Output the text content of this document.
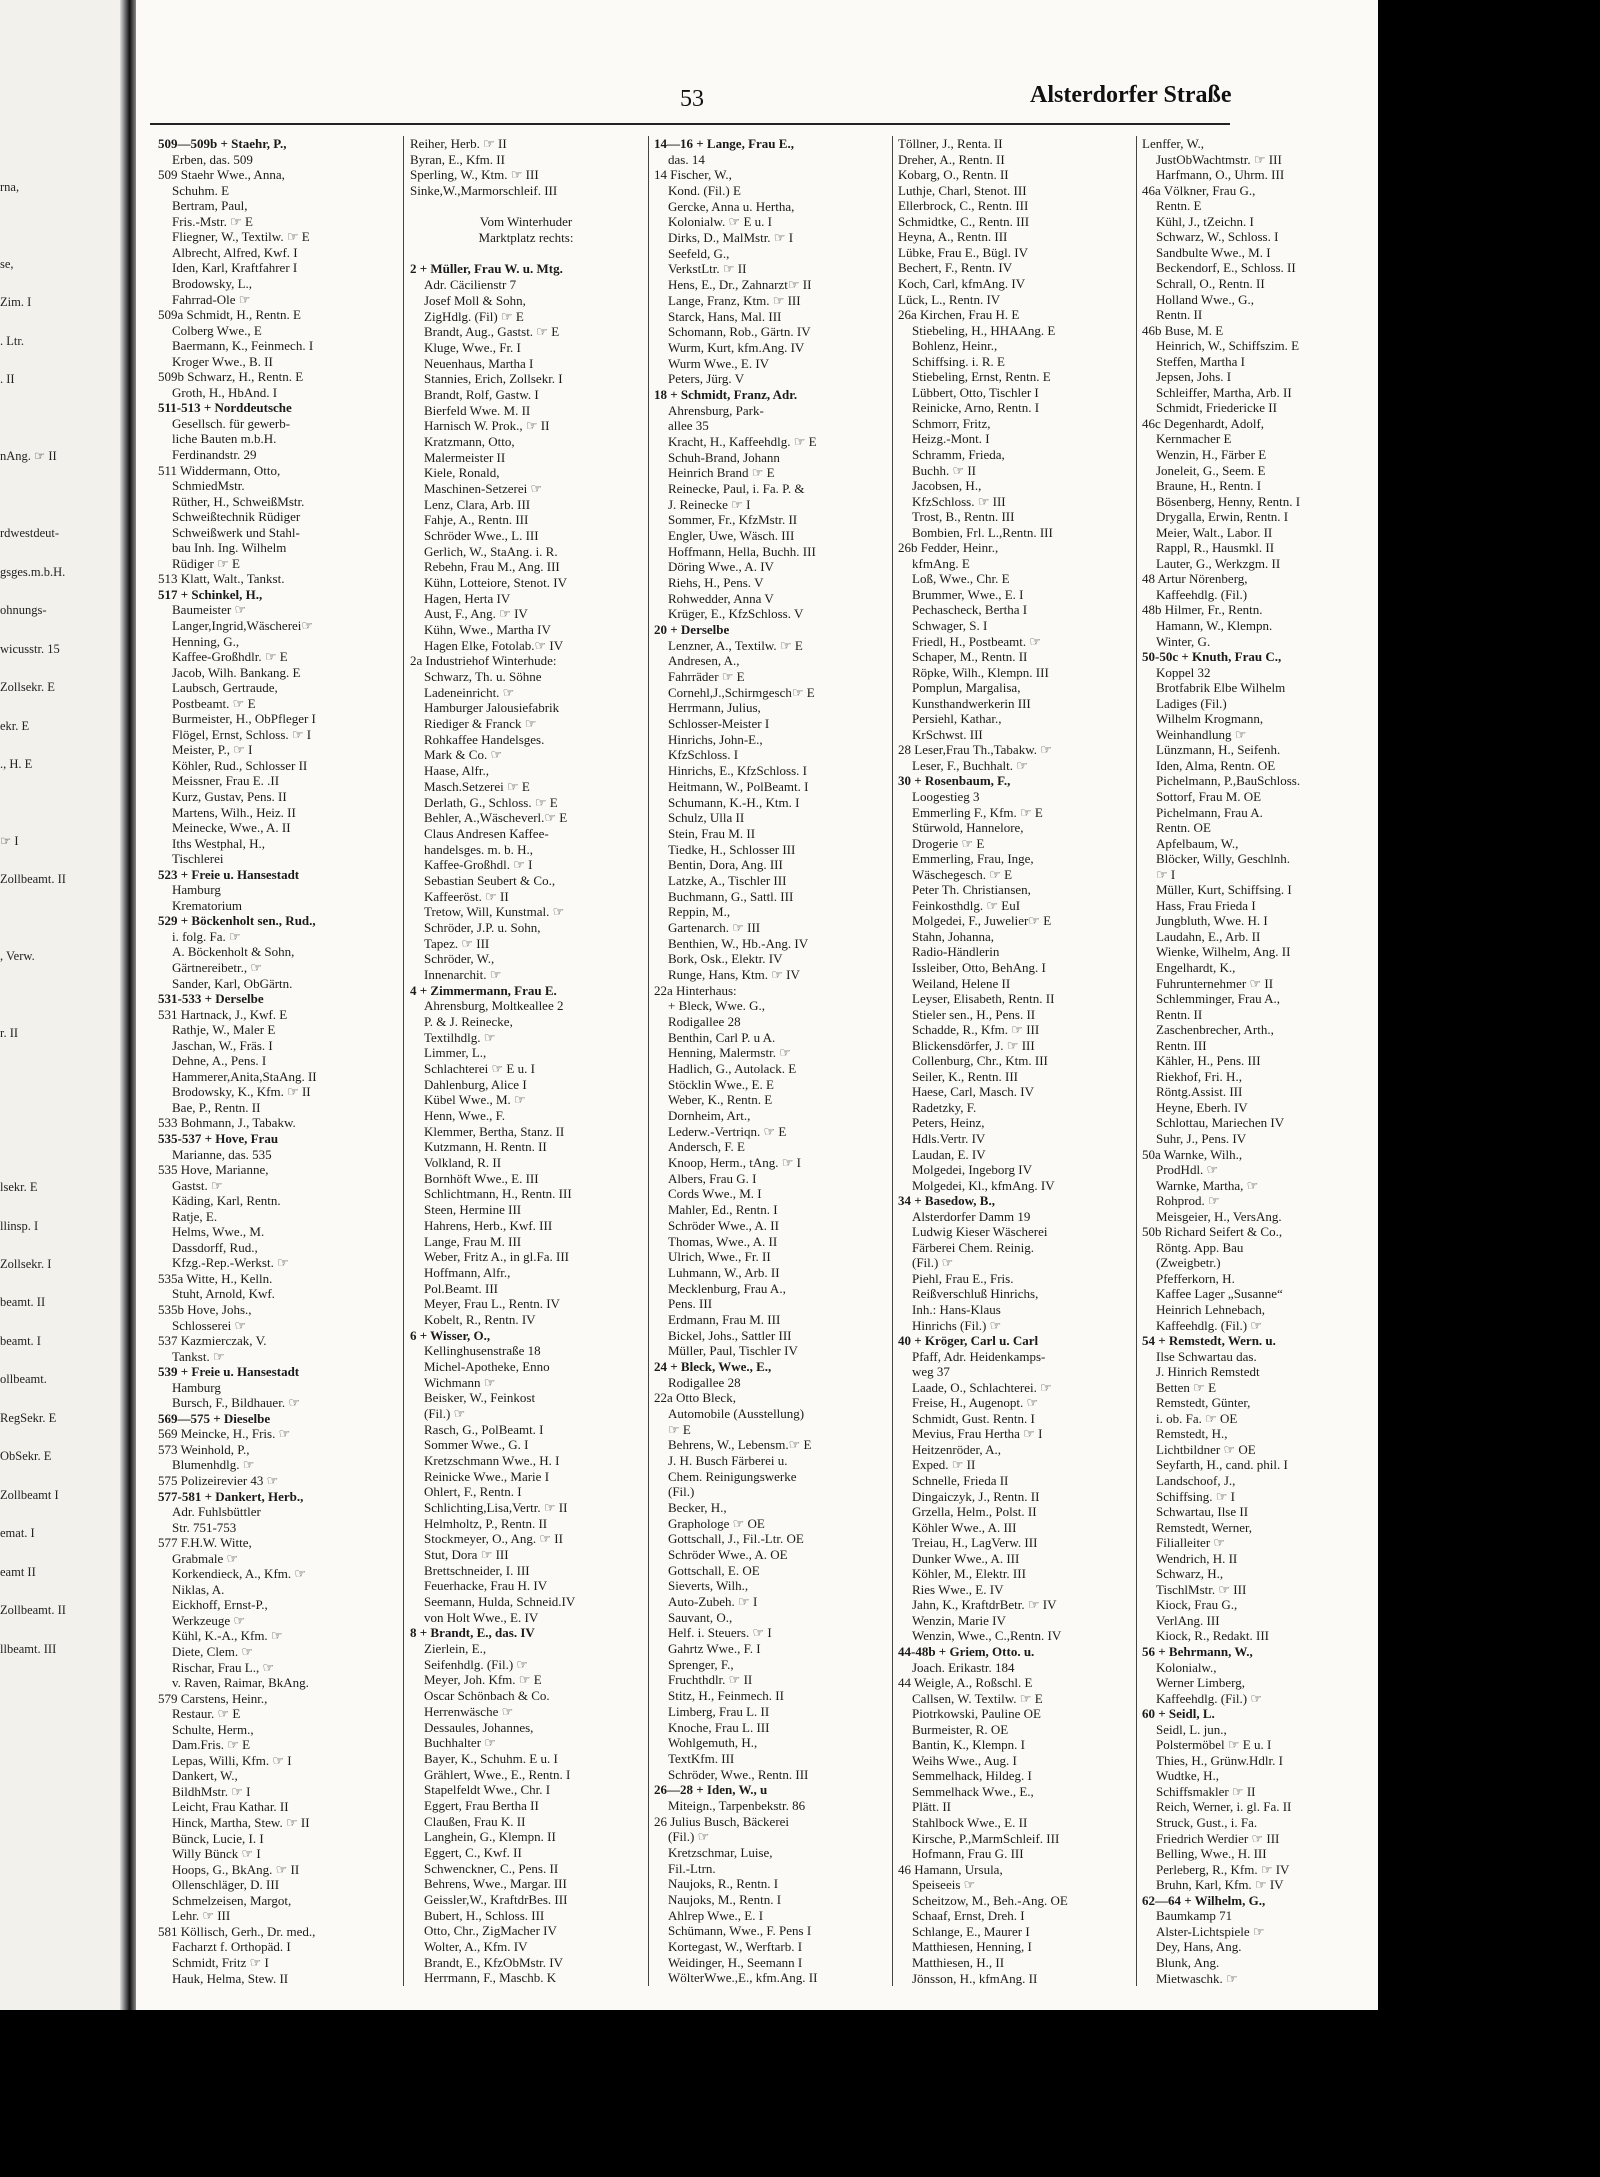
rna,
se,
Zim. I
. Ltr.
. II
nAng. ☞ II
rdwestdeut-
gsges.m.b.H.
ohnungs-
wicusstr. 15
Zollsekr. E
ekr. E
., H. E
☞ I
Zollbeamt. II
, Verw.
r. II
lsekr. E
llinsp. I
Zollsekr. I
beamt. II
beamt. I
ollbeamt.
RegSekr. E
ObSekr. E
Zollbeamt I
emat. I
eamt II
Zollbeamt. II
llbeamt. III
53	Alsterdorfer Straße
509—509b + Staehr, P.,
Erben, das. 509
509 Staehr Wwe., Anna,
Schuhm. E
Bertram, Paul,
Fris.-Mstr. ☞ E
Fliegner, W., Textilw. ☞ E
Albrecht, Alfred, Kwf. I
Iden, Karl, Kraftfahrer I
Brodowsky, L.,
Fahrrad-Ole ☞
509a Schmidt, H., Rentn. E
Colberg Wwe., E
Baermann, K., Feinmech. I
Kroger Wwe., B. II
509b Schwarz, H., Rentn. E
Groth, H., HbAnd. I
511-513 + Norddeutsche
Gesellsch. für gewerb-
liche Bauten m.b.H.
Ferdinandstr. 29
511 Widdermann, Otto,
SchmiedMstr.
Rüther, H., SchweißMstr.
Schweißtechnik Rüdiger
Schweißwerk und Stahl-
bau Inh. Ing. Wilhelm
Rüdiger ☞ E
513 Klatt, Walt., Tankst.
517 + Schinkel, H.,
Baumeister ☞
Langer,Ingrid,Wäscherei☞
Henning, G.,
Kaffee-Großhdlr. ☞ E
Jacob, Wilh. Bankang. E
Laubsch, Gertraude,
Postbeamt. ☞ E
Burmeister, H., ObPfleger I
Flögel, Ernst, Schloss. ☞ I
Meister, P., ☞ I
Köhler, Rud., Schlosser II
Meissner, Frau E. .II
Kurz, Gustav, Pens. II
Martens, Wilh., Heiz. II
Meinecke, Wwe., A. II
Iths Westphal, H.,
Tischlerei
523 + Freie u. Hansestadt
Hamburg
Krematorium
529 + Böckenholt sen., Rud.,
i. folg. Fa. ☞
A. Böckenholt & Sohn,
Gärtnereibetr., ☞
Sander, Karl, ObGärtn.
531-533 + Derselbe
531 Hartnack, J., Kwf. E
Rathje, W., Maler E
Jaschan, W., Fräs. I
Dehne, A., Pens. I
Hammerer,Anita,StaAng. II
Brodowsky, K., Kfm. ☞ II
Bae, P., Rentn. II
533 Bohmann, J., Tabakw.
535-537 + Hove, Frau
Marianne, das. 535
535 Hove, Marianne,
Gastst. ☞
Käding, Karl, Rentn.
Ratje, E.
Helms, Wwe., M.
Dassdorff, Rud.,
Kfzg.-Rep.-Werkst. ☞
535a Witte, H., Kelln.
Stuht, Arnold, Kwf.
535b Hove, Johs.,
Schlosserei ☞
537 Kazmierczak, V.
Tankst. ☞
539 + Freie u. Hansestadt
Hamburg
Bursch, F., Bildhauer. ☞
569—575 + Dieselbe
569 Meincke, H., Fris. ☞
573 Weinhold, P.,
Blumenhdlg. ☞
575 Polizeirevier 43 ☞
577-581 + Dankert, Herb.,
Adr. Fuhlsbüttler
Str. 751-753
577 F.H.W. Witte,
Grabmale ☞
Korkendieck, A., Kfm. ☞
Niklas, A.
Eickhoff, Ernst-P.,
Werkzeuge ☞
Kühl, K.-A., Kfm. ☞
Diete, Clem. ☞
Rischar, Frau L., ☞
v. Raven, Raimar, BkAng.
579 Carstens, Heinr.,
Restaur. ☞ E
Schulte, Herm.,
Dam.Fris. ☞ E
Lepas, Willi, Kfm. ☞ I
Dankert, W.,
BildhMstr. ☞ I
Leicht, Frau Kathar. II
Hinck, Martha, Stew. ☞ II
Bünck, Lucie, I. I
Willy Bünck ☞ I
Hoops, G., BkAng. ☞ II
Ollenschläger, D. III
Schmelzeisen, Margot,
Lehr. ☞ III
581 Köllisch, Gerh., Dr. med.,
Facharzt f. Orthopäd. I
Schmidt, Fritz ☞ I
Hauk, Helma, Stew. II
Reiher, Herb. ☞ II
Byran, E., Kfm. II
Sperling, W., Ktm. ☞ III
Sinke,W.,Marmorschleif. III
Vom Winterhuder
Marktplatz rechts:
2 + Müller, Frau W. u. Mtg.
Adr. Cäcilienstr 7
Josef Moll & Sohn,
ZigHdlg. (Fil) ☞ E
Brandt, Aug., Gastst. ☞ E
Kluge, Wwe., Fr. I
Neuenhaus, Martha I
Stannies, Erich, Zollsekr. I
Brandt, Rolf, Gastw. I
Bierfeld Wwe. M. II
Harnisch W. Prok., ☞ II
Kratzmann, Otto,
Malermeister II
Kiele, Ronald,
Maschinen-Setzerei ☞
Lenz, Clara, Arb. III
Fahje, A., Rentn. III
Schröder Wwe., L. III
Gerlich, W., StaAng. i. R.
Rebehn, Frau M., Ang. III
Kühn, Lotteiore, Stenot. IV
Hagen, Herta IV
Aust, F., Ang. ☞ IV
Kühn, Wwe., Martha IV
Hagen Elke, Fotolab.☞ IV
2a Industriehof Winterhude:
Schwarz, Th. u. Söhne
Ladeneinricht. ☞
Hamburger Jalousiefabrik
Riediger & Franck ☞
Rohkaffee Handelsges.
Mark & Co. ☞
Haase, Alfr.,
Masch.Setzerei ☞ E
Derlath, G., Schloss. ☞ E
Behler, A.,Wäscheverl.☞ E
Claus Andresen Kaffee-
handelsges. m. b. H.,
Kaffee-Großhdl. ☞ I
Sebastian Seubert & Co.,
Kaffeeröst. ☞ II
Tretow, Will, Kunstmal. ☞
Schröder, J.P. u. Sohn,
Tapez. ☞ III
Schröder, W.,
Innenarchit. ☞
4 + Zimmermann, Frau E.
Ahrensburg, Moltkeallee 2
P. & J. Reinecke,
Textilhdlg. ☞
Limmer, L.,
Schlachterei ☞ E u. I
Dahlenburg, Alice I
Kübel Wwe., M. ☞
Henn, Wwe., F.
Klemmer, Bertha, Stanz. II
Kutzmann, H. Rentn. II
Volkland, R. II
Bornhöft Wwe., E. III
Schlichtmann, H., Rentn. III
Steen, Hermine III
Hahrens, Herb., Kwf. III
Lange, Frau M. III
Weber, Fritz A., in gl.Fa. III
Hoffmann, Alfr.,
Pol.Beamt. III
Meyer, Frau L., Rentn. IV
Kobelt, R., Rentn. IV
6 + Wisser, O.,
Kellinghusenstraße 18
Michel-Apotheke, Enno
Wichmann ☞
Beisker, W., Feinkost
(Fil.) ☞
Rasch, G., PolBeamt. I
Sommer Wwe., G. I
Kretzschmann Wwe., H. I
Reinicke Wwe., Marie I
Ohlert, F., Rentn. I
Schlichting,Lisa,Vertr. ☞ II
Helmholtz, P., Rentn. II
Stockmeyer, O., Ang. ☞ II
Stut, Dora ☞ III
Brettschneider, I. III
Feuerhacke, Frau H. IV
Seemann, Hulda, Schneid.IV
von Holt Wwe., E. IV
8 + Brandt, E., das. IV
Zierlein, E.,
Seifenhdlg. (Fil.) ☞
Meyer, Joh. Kfm. ☞ E
Oscar Schönbach & Co.
Herrenwäsche ☞
Dessaules, Johannes,
Buchhalter ☞
Bayer, K., Schuhm. E u. I
Grählert, Wwe., E., Rentn. I
Stapelfeldt Wwe., Chr. I
Eggert, Frau Bertha II
Claußen, Frau K. II
Langhein, G., Klempn. II
Eggert, C., Kwf. II
Schwenckner, C., Pens. II
Behrens, Wwe., Margar. III
Geissler,W., KraftdrBes. III
Bubert, H., Schloss. III
Otto, Chr., ZigMacher IV
Wolter, A., Kfm. IV
Brandt, E., KfzObMstr. IV
Herrmann, F., Maschb. K
14—16 + Lange, Frau E.,
das. 14
14 Fischer, W.,
Kond. (Fil.) E
Gercke, Anna u. Hertha,
Kolonialw. ☞ E u. I
Dirks, D., MalMstr. ☞ I
Seefeld, G.,
VerkstLtr. ☞ II
Hens, E., Dr., Zahnarzt☞ II
Lange, Franz, Ktm. ☞ III
Starck, Hans, Mal. III
Schomann, Rob., Gärtn. IV
Wurm, Kurt, kfm.Ang. IV
Wurm Wwe., E. IV
Peters, Jürg. V
18 + Schmidt, Franz, Adr.
Ahrensburg, Park-
allee 35
Kracht, H., Kaffeehdlg. ☞ E
Schuh-Brand, Johann
Heinrich Brand ☞ E
Reinecke, Paul, i. Fa. P. &
J. Reinecke ☞ I
Sommer, Fr., KfzMstr. II
Engler, Uwe, Wäsch. III
Hoffmann, Hella, Buchh. III
Döring Wwe., A. IV
Riehs, H., Pens. V
Rohwedder, Anna V
Krüger, E., KfzSchloss. V
20 + Derselbe
Lenzner, A., Textilw. ☞ E
Andresen, A.,
Fahrräder ☞ E
Cornehl,J.,Schirmgesch☞ E
Herrmann, Julius,
Schlosser-Meister I
Hinrichs, John-E.,
KfzSchloss. I
Hinrichs, E., KfzSchloss. I
Heitmann, W., PolBeamt. I
Schumann, K.-H., Ktm. I
Schulz, Ulla II
Stein, Frau M. II
Tiedke, H., Schlosser III
Bentin, Dora, Ang. III
Latzke, A., Tischler III
Buchmann, G., Sattl. III
Reppin, M.,
Gartenarch. ☞ III
Benthien, W., Hb.-Ang. IV
Bork, Osk., Elektr. IV
Runge, Hans, Ktm. ☞ IV
22a Hinterhaus:
+ Bleck, Wwe. G.,
Rodigallee 28
Benthin, Carl P. u A.
Henning, Malermstr. ☞
Hadlich, G., Autolack. E
Stöcklin Wwe., E. E
Weber, K., Rentn. E
Dornheim, Art.,
Lederw.-Vertriqn. ☞ E
Andersch, F. E
Knoop, Herm., tAng. ☞ I
Albers, Frau G. I
Cords Wwe., M. I
Mahler, Ed., Rentn. I
Schröder Wwe., A. II
Thomas, Wwe., A. II
Ulrich, Wwe., Fr. II
Luhmann, W., Arb. II
Mecklenburg, Frau A.,
Pens. III
Erdmann, Frau M. III
Bickel, Johs., Sattler III
Müller, Paul, Tischler IV
24 + Bleck, Wwe., E.,
Rodigallee 28
22a Otto Bleck,
Automobile (Ausstellung)
☞ E
Behrens, W., Lebensm.☞ E
J. H. Busch Färberei u.
Chem. Reinigungswerke
(Fil.)
Becker, H.,
Graphologe ☞ OE
Gottschall, J., Fil.-Ltr. OE
Schröder Wwe., A. OE
Gottschall, E. OE
Sieverts, Wilh.,
Auto-Zubeh. ☞ I
Sauvant, O.,
Helf. i. Steuers. ☞ I
Gahrtz Wwe., F. I
Sprenger, F.,
Fruchthdlr. ☞ II
Stitz, H., Feinmech. II
Limberg, Frau L. II
Knoche, Frau L. III
Wohlgemuth, H.,
TextKfm. III
Schröder, Wwe., Rentn. III
26—28 + Iden, W., u
Miteign., Tarpenbekstr. 86
26 Julius Busch, Bäckerei
(Fil.) ☞
Kretzschmar, Luise,
Fil.-Ltrn.
Naujoks, R., Rentn. I
Naujoks, M., Rentn. I
Ahlrep Wwe., E. I
Schümann, Wwe., F. Pens I
Kortegast, W., Werftarb. I
Weidinger, H., Seemann I
WölterWwe.,E., kfm.Ang. II
Töllner, J., Renta. II
Dreher, A., Rentn. II
Kobarg, O., Rentn. II
Luthje, Charl, Stenot. III
Ellerbrock, C., Rentn. III
Schmidtke, C., Rentn. III
Heyna, A., Rentn. III
Lübke, Frau E., Bügl. IV
Bechert, F., Rentn. IV
Koch, Carl, kfmAng. IV
Lück, L., Rentn. IV
26a Kirchen, Frau H. E
Stiebeling, H., HHAAng. E
Bohlenz, Heinr.,
Schiffsing. i. R. E
Stiebeling, Ernst, Rentn. E
Lübbert, Otto, Tischler I
Reinicke, Arno, Rentn. I
Schmorr, Fritz,
Heizg.-Mont. I
Schramm, Frieda,
Buchh. ☞ II
Jacobsen, H.,
KfzSchloss. ☞ III
Trost, B., Rentn. III
Bombien, Frl. L.,Rentn. III
26b Fedder, Heinr.,
kfmAng. E
Loß, Wwe., Chr. E
Brummer, Wwe., E. I
Pechascheck, Bertha I
Schwager, S. I
Friedl, H., Postbeamt. ☞
Schaper, M., Rentn. II
Röpke, Wilh., Klempn. III
Pomplun, Margalisa,
Kunsthandwerkerin III
Persiehl, Kathar.,
KrSchwst. III
28 Leser,Frau Th.,Tabakw. ☞
Leser, F., Buchhalt. ☞
30 + Rosenbaum, F.,
Loogestieg 3
Emmerling F., Kfm. ☞ E
Stürwold, Hannelore,
Drogerie ☞ E
Emmerling, Frau, Inge,
Wäschegesch. ☞ E
Peter Th. Christiansen,
Feinkosthdlg. ☞ EuI
Molgedei, F., Juwelier☞ E
Stahn, Johanna,
Radio-Händlerin
Issleiber, Otto, BehAng. I
Weiland, Helene II
Leyser, Elisabeth, Rentn. II
Stieler sen., H., Pens. II
Schadde, R., Kfm. ☞ III
Blickensdörfer, J. ☞ III
Collenburg, Chr., Ktm. III
Seiler, K., Rentn. III
Haese, Carl, Masch. IV
Radetzky, F.
Peters, Heinz,
Hdls.Vertr. IV
Laudan, E. IV
Molgedei, Ingeborg IV
Molgedei, Kl., kfmAng. IV
34 + Basedow, B.,
Alsterdorfer Damm 19
Ludwig Kieser Wäscherei
Färberei Chem. Reinig.
(Fil.) ☞
Piehl, Frau E., Fris.
Reißverschluß Hinrichs,
Inh.: Hans-Klaus
Hinrichs (Fil.) ☞
40 + Kröger, Carl u. Carl
Pfaff, Adr. Heidenkamps-
weg 37
Laade, O., Schlachterei. ☞
Freise, H., Augenopt. ☞
Schmidt, Gust. Rentn. I
Mevius, Frau Hertha ☞ I
Heitzenröder, A.,
Exped. ☞ II
Schnelle, Frieda II
Dingaiczyk, J., Rentn. II
Grzella, Helm., Polst. II
Köhler Wwe., A. III
Treiau, H., LagVerw. III
Dunker Wwe., A. III
Köhler, M., Elektr. III
Ries Wwe., E. IV
Jahn, K., KraftdrBetr. ☞ IV
Wenzin, Marie IV
Wenzin, Wwe., C.,Rentn. IV
44-48b + Griem, Otto. u.
Joach. Erikastr. 184
44 Weigle, A., Roßschl. E
Callsen, W. Textilw. ☞ E
Piotrkowski, Pauline OE
Burmeister, R. OE
Bantin, K., Klempn. I
Weihs Wwe., Aug. I
Semmelhack, Hildeg. I
Semmelhack Wwe., E.,
Plätt. II
Stahlbock Wwe., E. II
Kirsche, P.,MarmSchleif. III
Hofmann, Frau G. III
46 Hamann, Ursula,
Speiseeis ☞
Scheitzow, M., Beh.-Ang. OE
Schaaf, Ernst, Dreh. I
Schlange, E., Maurer I
Matthiesen, Henning, I
Matthiesen, H., II
Jönsson, H., kfmAng. II
Lenffer, W.,
JustObWachtmstr. ☞ III
Harfmann, O., Uhrm. III
46a Völkner, Frau G.,
Rentn. E
Kühl, J., tZeichn. I
Schwarz, W., Schloss. I
Sandbulte Wwe., M. I
Beckendorf, E., Schloss. II
Schrall, O., Rentn. II
Holland Wwe., G.,
Rentn. II
46b Buse, M. E
Heinrich, W., Schiffszim. E
Steffen, Martha I
Jepsen, Johs. I
Schleiffer, Martha, Arb. II
Schmidt, Friedericke II
46c Degenhardt, Adolf,
Kernmacher E
Wenzin, H., Färber E
Joneleit, G., Seem. E
Braune, H., Rentn. I
Bösenberg, Henny, Rentn. I
Drygalla, Erwin, Rentn. I
Meier, Walt., Labor. II
Rappl, R., Hausmkl. II
Lauter, G., Werkzgm. II
48 Artur Nörenberg,
Kaffeehdlg. (Fil.)
48b Hilmer, Fr., Rentn.
Hamann, W., Klempn.
Winter, G.
50-50c + Knuth, Frau C.,
Koppel 32
Brotfabrik Elbe Wilhelm
Ladiges (Fil.)
Wilhelm Krogmann,
Weinhandlung ☞
Lünzmann, H., Seifenh.
Iden, Alma, Rentn. OE
Pichelmann, P.,BauSchloss.
Sottorf, Frau M. OE
Pichelmann, Frau A.
Rentn. OE
Apfelbaum, W.,
Blöcker, Willy, Geschlnh.
☞ I
Müller, Kurt, Schiffsing. I
Hass, Frau Frieda I
Jungbluth, Wwe. H. I
Laudahn, E., Arb. II
Wienke, Wilhelm, Ang. II
Engelhardt, K.,
Fuhrunternehmer ☞ II
Schlemminger, Frau A.,
Rentn. II
Zaschenbrecher, Arth.,
Rentn. III
Kähler, H., Pens. III
Riekhof, Fri. H.,
Röntg.Assist. III
Heyne, Eberh. IV
Schlottau, Mariechen IV
Suhr, J., Pens. IV
50a Warnke, Wilh.,
ProdHdl. ☞
Warnke, Martha, ☞
Rohprod. ☞
Meisgeier, H., VersAng.
50b Richard Seifert & Co.,
Röntg. App. Bau
(Zweigbetr.)
Pfefferkorn, H.
Kaffee Lager „Susanne“
Heinrich Lehnebach,
Kaffeehdlg. (Fil.) ☞
54 + Remstedt, Wern. u.
Ilse Schwartau das.
J. Hinrich Remstedt
Betten ☞ E
Remstedt, Günter,
i. ob. Fa. ☞ OE
Remstedt, H.,
Lichtbildner ☞ OE
Seyfarth, H., cand. phil. I
Landschoof, J.,
Schiffsing. ☞ I
Schwartau, Ilse II
Remstedt, Werner,
Filialleiter ☞
Wendrich, H. II
Schwarz, H.,
TischlMstr. ☞ III
Kiock, Frau G.,
VerlAng. III
Kiock, R., Redakt. III
56 + Behrmann, W.,
Kolonialw.,
Werner Limberg,
Kaffeehdlg. (Fil.) ☞
60 + Seidl, L.
Seidl, L. jun.,
Polstermöbel ☞ E u. I
Thies, H., Grünw.Hdlr. I
Wudtke, H.,
Schiffsmakler ☞ II
Reich, Werner, i. gl. Fa. II
Struck, Gust., i. Fa.
Friedrich Werdier ☞ III
Belling, Wwe., H. III
Perleberg, R., Kfm. ☞ IV
Bruhn, Karl, Kfm. ☞ IV
62—64 + Wilhelm, G.,
Baumkamp 71
Alster-Lichtspiele ☞
Dey, Hans, Ang.
Blunk, Ang.
Mietwaschk. ☞
